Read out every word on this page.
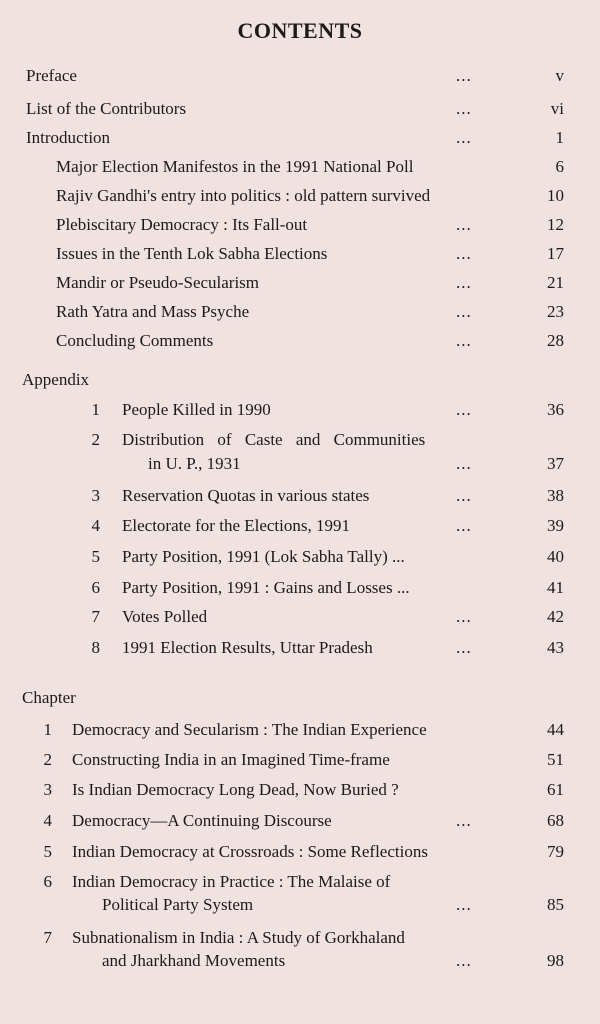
CONTENTS
Preface	...	v
List of the Contributors	...	vi
Introduction	...	1
Major Election Manifestos in the 1991 National Poll	6
Rajiv Gandhi's entry into politics : old pattern survived	10
Plebiscitary Democracy : Its Fall-out	...	12
Issues in the Tenth Lok Sabha Elections	...	17
Mandir or Pseudo-Secularism	...	21
Rath Yatra and Mass Psyche	...	23
Concluding Comments	...	28
Appendix
1 People Killed in 1990	...	36
2 Distribution of Caste and Communities
in U. P., 1931	...	37
3 Reservation Quotas in various states	...	38
4 Electorate for the Elections, 1991	...	39
5 Party Position, 1991 (Lok Sabha Tally) ...	40
6 Party Position, 1991 : Gains and Losses ...	41
7 Votes Polled	...	42
8 1991 Election Results, Uttar Pradesh	...	43
Chapter
1 Democracy and Secularism : The Indian Experience	44
2 Constructing India in an Imagined Time-frame	51
3 Is Indian Democracy Long Dead, Now Buried ?	61
4 Democracy—A Continuing Discourse	...	68
5 Indian Democracy at Crossroads : Some Reflections	79
6 Indian Democracy in Practice : The Malaise of
Political Party System	...	85
7 Subnationalism in India : A Study of Gorkhaland
and Jharkhand Movements	...	98
